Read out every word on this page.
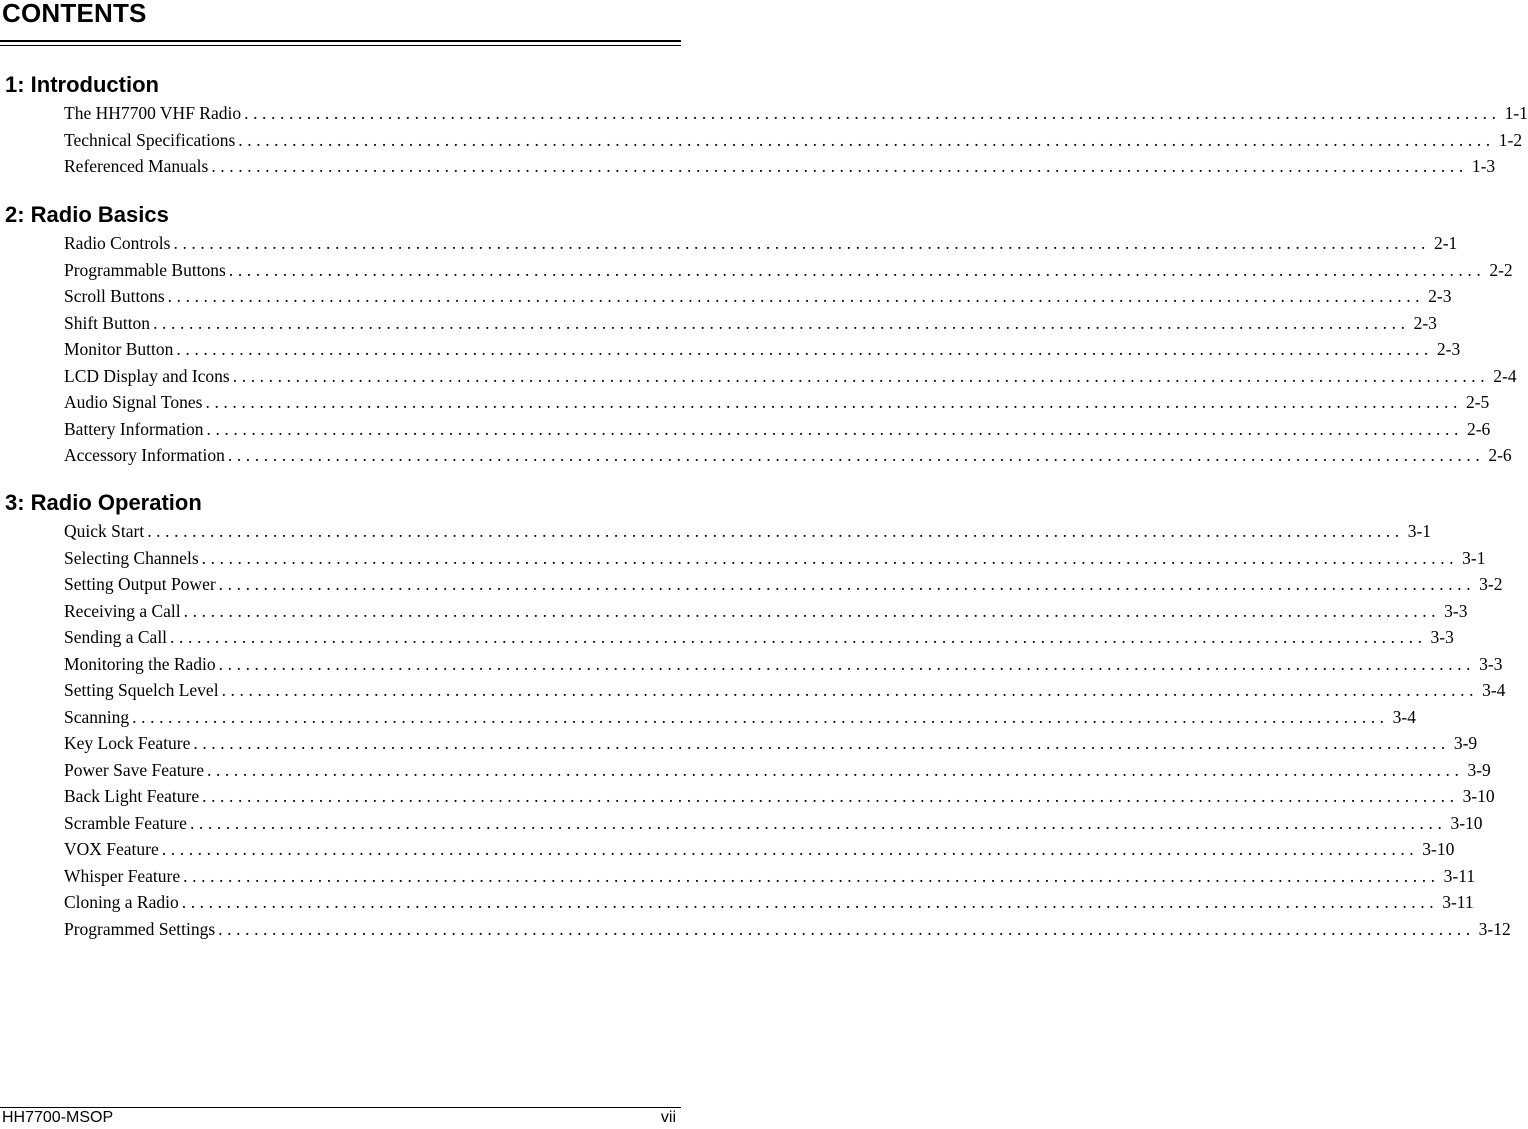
CONTENTS
1: Introduction
The HH7700 VHF Radio ............................................................................................................................................ 1-1
Technical Specifications ............................................................................................................................................ 1-2
Referenced Manuals ............................................................................................................................................ 1-3
2: Radio Basics
Radio Controls ............................................................................................................................................ 2-1
Programmable Buttons ............................................................................................................................................ 2-2
Scroll Buttons ............................................................................................................................................ 2-3
Shift Button ............................................................................................................................................ 2-3
Monitor Button ............................................................................................................................................ 2-3
LCD Display and Icons ............................................................................................................................................ 2-4
Audio Signal Tones ............................................................................................................................................ 2-5
Battery Information ............................................................................................................................................ 2-6
Accessory Information ............................................................................................................................................ 2-6
3: Radio Operation
Quick Start ............................................................................................................................................ 3-1
Selecting Channels ............................................................................................................................................ 3-1
Setting Output Power ............................................................................................................................................ 3-2
Receiving a Call ............................................................................................................................................ 3-3
Sending a Call ............................................................................................................................................ 3-3
Monitoring the Radio ............................................................................................................................................ 3-3
Setting Squelch Level ............................................................................................................................................ 3-4
Scanning ............................................................................................................................................ 3-4
Key Lock Feature ............................................................................................................................................ 3-9
Power Save Feature ............................................................................................................................................ 3-9
Back Light Feature ............................................................................................................................................ 3-10
Scramble Feature ............................................................................................................................................ 3-10
VOX Feature ............................................................................................................................................ 3-10
Whisper Feature ............................................................................................................................................ 3-11
Cloning a Radio ............................................................................................................................................ 3-11
Programmed Settings ............................................................................................................................................ 3-12
HH7700-MSOP	vii
